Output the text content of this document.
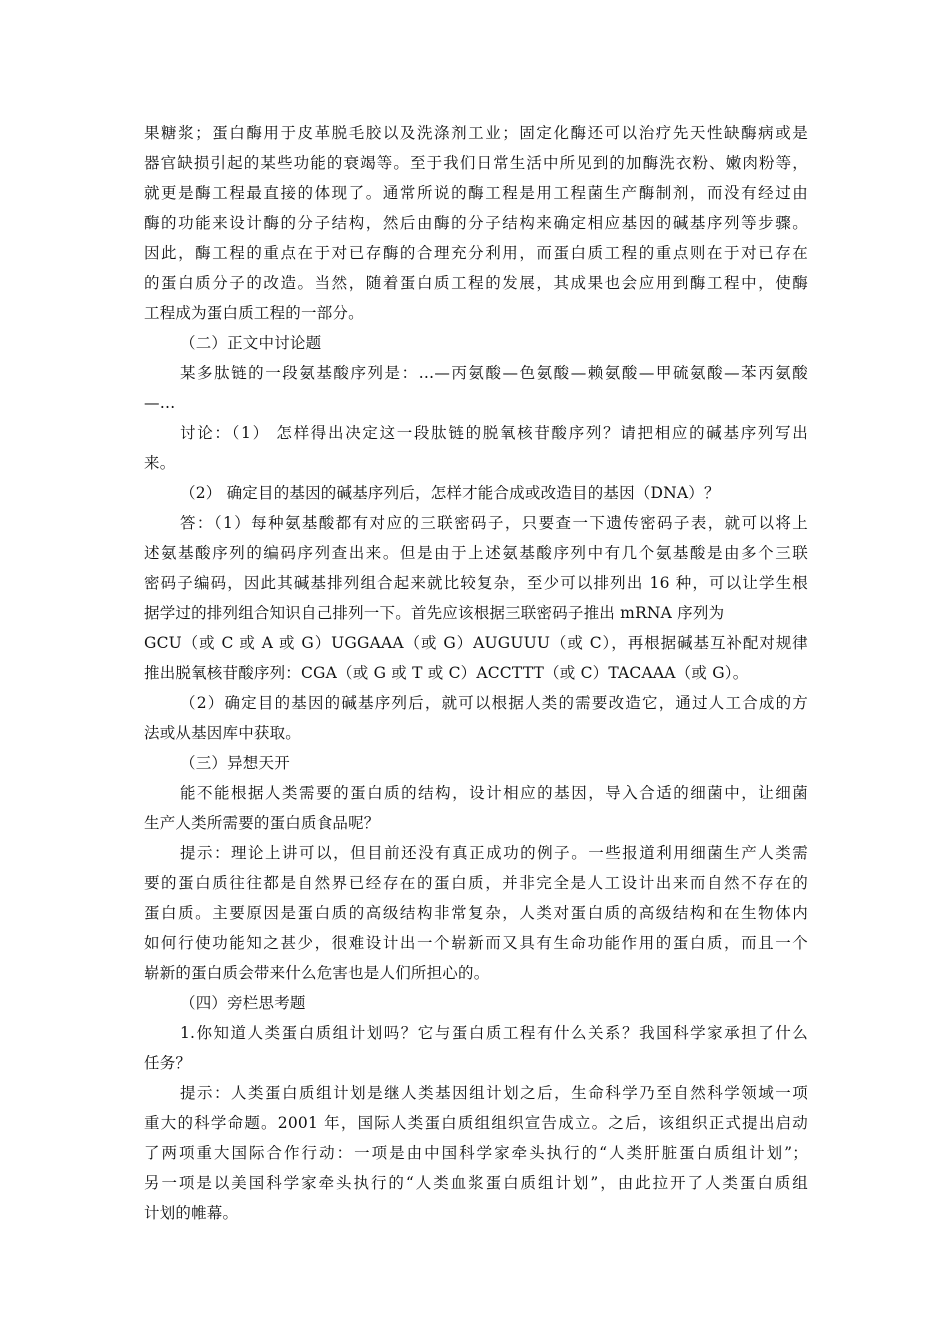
果糖浆；蛋白酶用于皮革脱毛胶以及洗涤剂工业；固定化酶还可以治疗先天性缺酶病或是
器官缺损引起的某些功能的衰竭等。至于我们日常生活中所见到的加酶洗衣粉、嫩肉粉等，
就更是酶工程最直接的体现了。通常所说的酶工程是用工程菌生产酶制剂，而没有经过由
酶的功能来设计酶的分子结构，然后由酶的分子结构来确定相应基因的碱基序列等步骤。
因此，酶工程的重点在于对已存酶的合理充分利用，而蛋白质工程的重点则在于对已存在
的蛋白质分子的改造。当然，随着蛋白质工程的发展，其成果也会应用到酶工程中，使酶
工程成为蛋白质工程的一部分。
（二）正文中讨论题
某多肽链的一段氨基酸序列是：…—丙氨酸—色氨酸—赖氨酸—甲硫氨酸—苯丙氨酸
—…
讨论：（1） 怎样得出决定这一段肽链的脱氧核苷酸序列？请把相应的碱基序列写出
来。
（2） 确定目的基因的碱基序列后，怎样才能合成或改造目的基因（DNA）？
答：（1）每种氨基酸都有对应的三联密码子，只要查一下遗传密码子表，就可以将上
述氨基酸序列的编码序列查出来。但是由于上述氨基酸序列中有几个氨基酸是由多个三联
密码子编码，因此其碱基排列组合起来就比较复杂，至少可以排列出 16 种，可以让学生根
据学过的排列组合知识自己排列一下。首先应该根据三联密码子推出 mRNA 序列为
GCU（或 C 或 A 或 G）UGGAAA（或 G）AUGUUU（或 C），再根据碱基互补配对规律
推出脱氧核苷酸序列：CGA（或 G 或 T 或 C）ACCTTT（或 C）TACAAA（或 G）。
（2）确定目的基因的碱基序列后，就可以根据人类的需要改造它，通过人工合成的方
法或从基因库中获取。
（三）异想天开
能不能根据人类需要的蛋白质的结构，设计相应的基因，导入合适的细菌中，让细菌
生产人类所需要的蛋白质食品呢？
提示：理论上讲可以，但目前还没有真正成功的例子。一些报道利用细菌生产人类需
要的蛋白质往往都是自然界已经存在的蛋白质，并非完全是人工设计出来而自然不存在的
蛋白质。主要原因是蛋白质的高级结构非常复杂，人类对蛋白质的高级结构和在生物体内
如何行使功能知之甚少，很难设计出一个崭新而又具有生命功能作用的蛋白质，而且一个
崭新的蛋白质会带来什么危害也是人们所担心的。
（四）旁栏思考题
1.你知道人类蛋白质组计划吗？它与蛋白质工程有什么关系？我国科学家承担了什么
任务？
提示：人类蛋白质组计划是继人类基因组计划之后，生命科学乃至自然科学领域一项
重大的科学命题。2001 年，国际人类蛋白质组组织宣告成立。之后，该组织正式提出启动
了两项重大国际合作行动：一项是由中国科学家牵头执行的“人类肝脏蛋白质组计划”；
另一项是以美国科学家牵头执行的“人类血浆蛋白质组计划”，由此拉开了人类蛋白质组
计划的帷幕。
